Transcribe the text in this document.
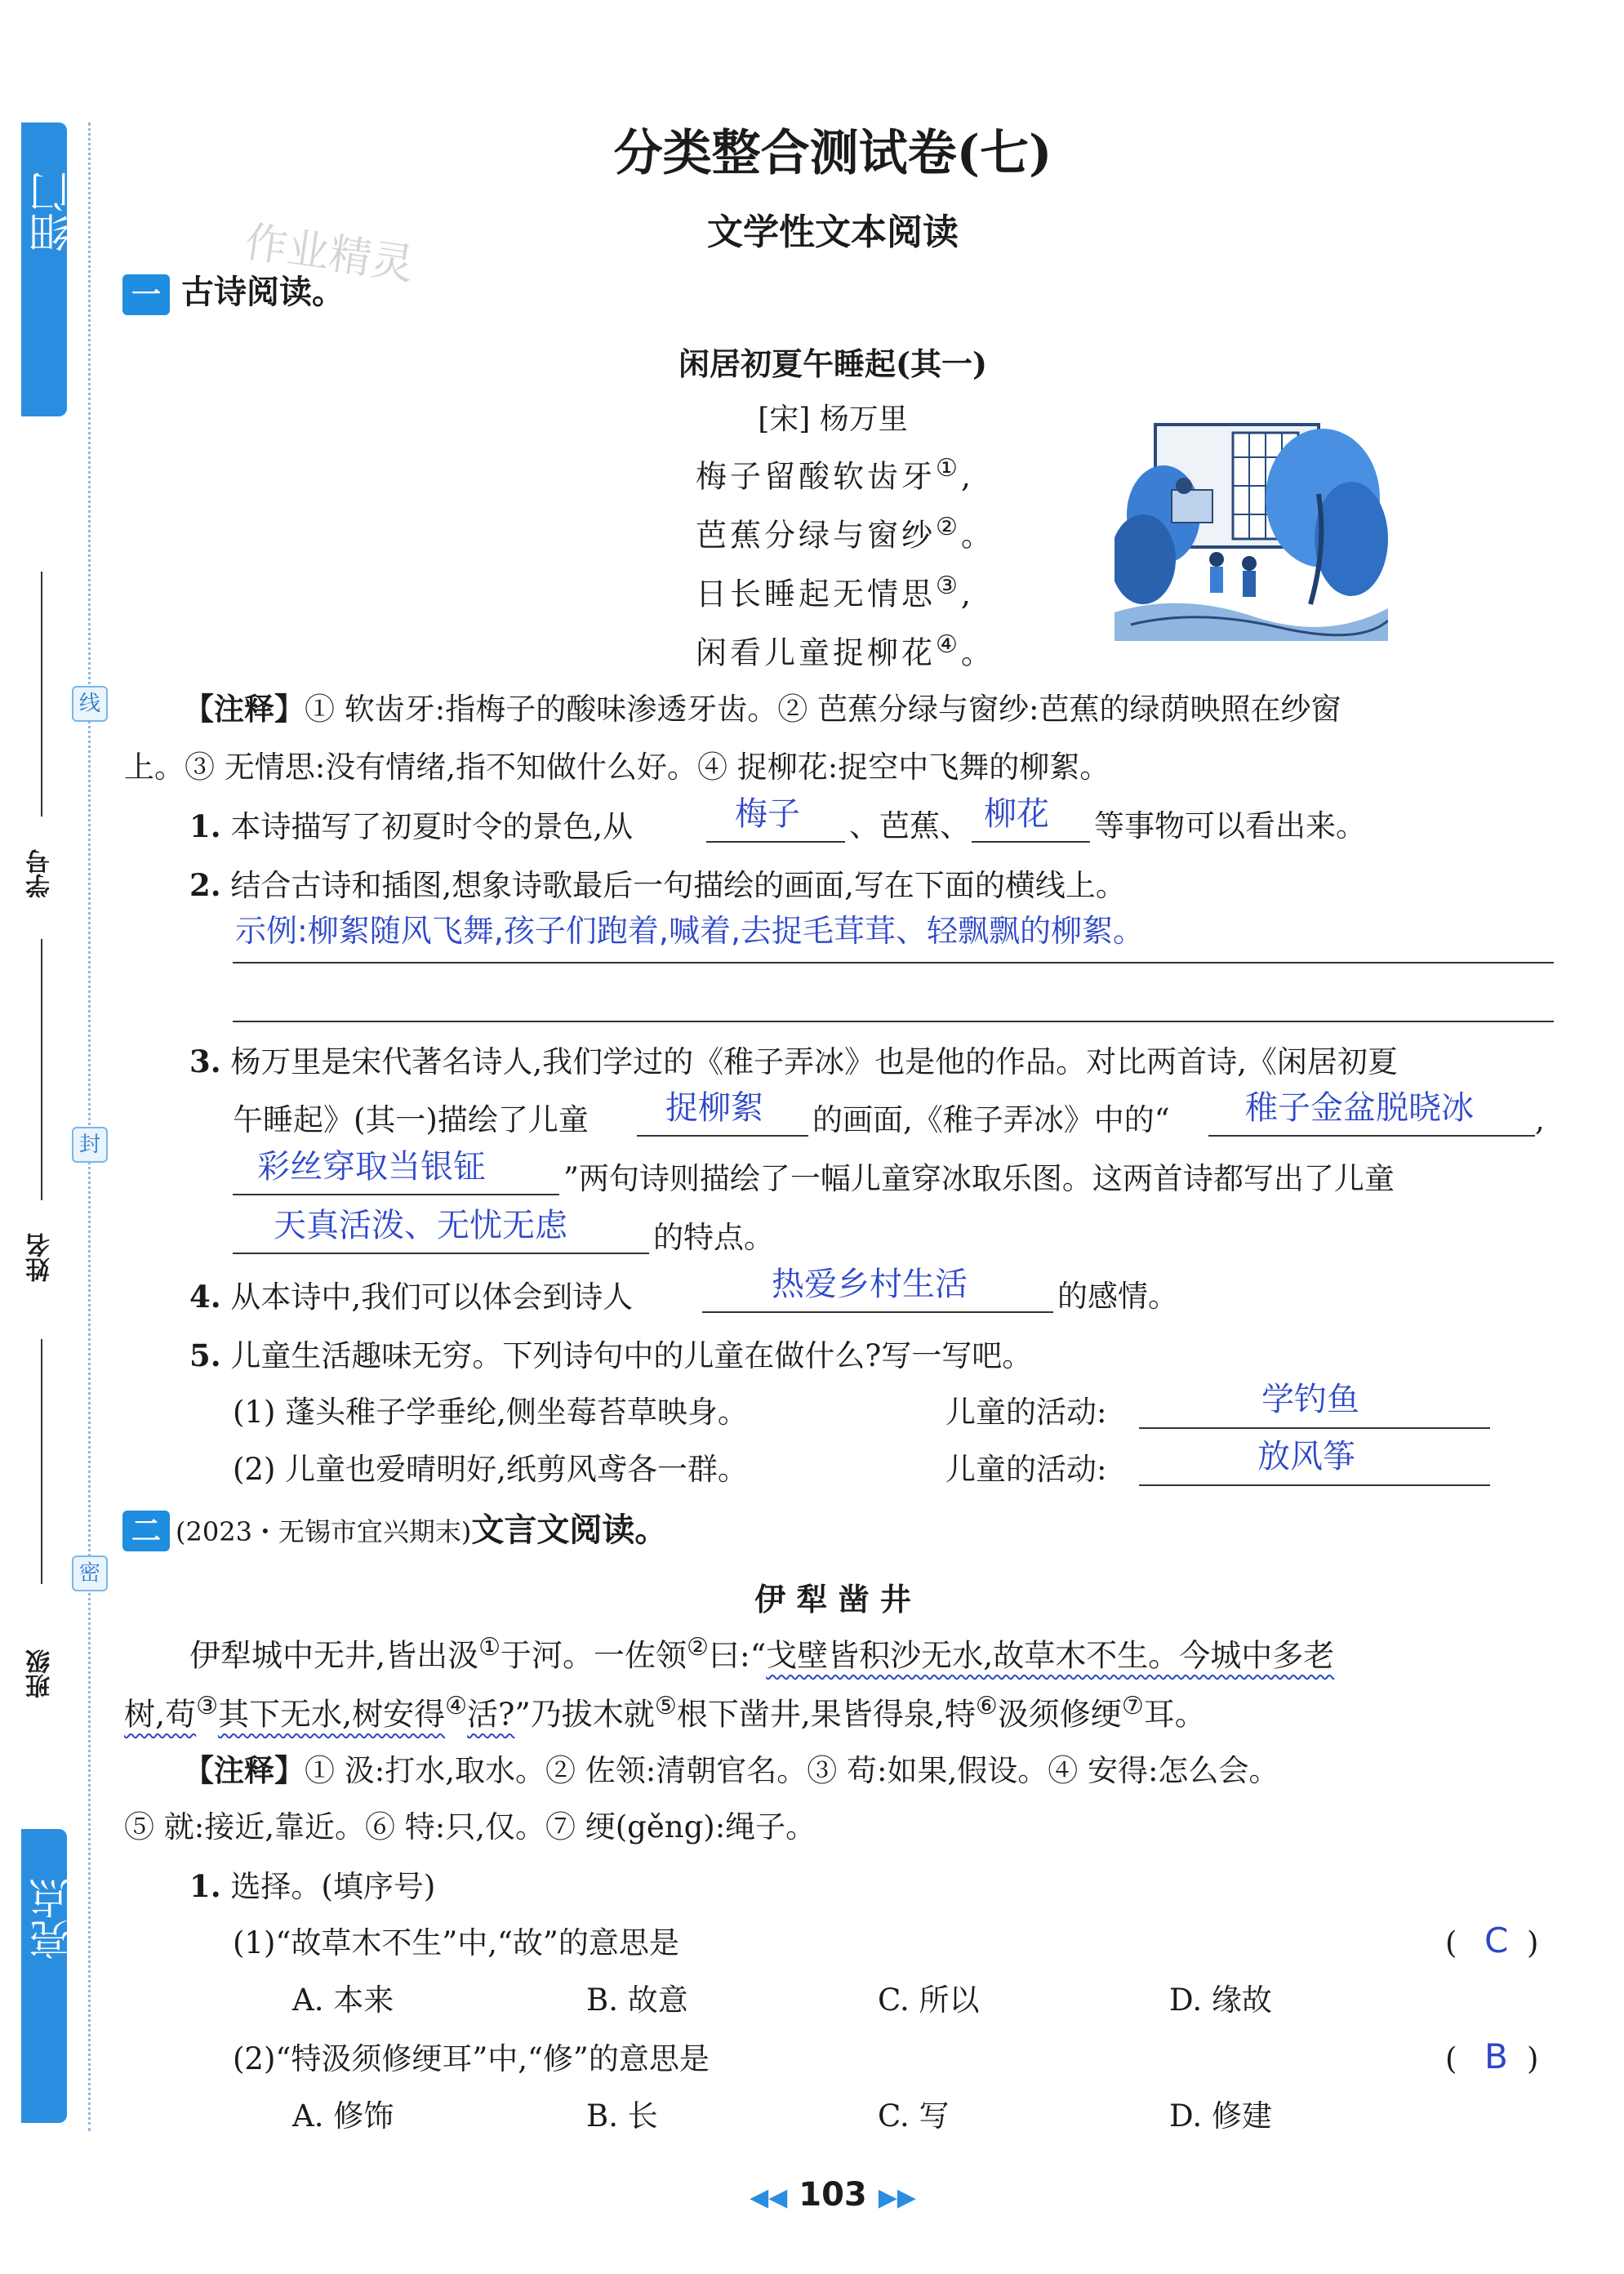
细门
亮点
线
学号
封
姓名
密
班级
分类整合测试卷(七)
文学性文本阅读
作业精灵
一 古诗阅读。
闲居初夏午睡起(其一)
[宋] 杨万里
梅子留酸软齿牙①,
芭蕉分绿与窗纱②。
日长睡起无情思③,
闲看儿童捉柳花④。
【注释】① 软齿牙:指梅子的酸味渗透牙齿。② 芭蕉分绿与窗纱:芭蕉的绿荫映照在纱窗
上。③ 无情思:没有情绪,指不知做什么好。④ 捉柳花:捉空中飞舞的柳絮。
1. 本诗描写了初夏时令的景色,从	梅子 、芭蕉、 柳花 等事物可以看出来。
2. 结合古诗和插图,想象诗歌最后一句描绘的画面,写在下面的横线上。
示例:柳絮随风飞舞,孩子们跑着,喊着,去捉毛茸茸、轻飘飘的柳絮。
3. 杨万里是宋代著名诗人,我们学过的《稚子弄冰》也是他的作品。对比两首诗,《闲居初夏
午睡起》(其一)描绘了儿童 捉柳絮 的画面,《稚子弄冰》中的“ 稚子金盆脱晓冰 ,
彩丝穿取当银钲	”两句诗则描绘了一幅儿童穿冰取乐图。这两首诗都写出了儿童
天真活泼、无忧无虑	的特点。
4. 从本诗中,我们可以体会到诗人	热爱乡村生活	的感情。
5. 儿童生活趣味无穷。下列诗句中的儿童在做什么?写一写吧。
(1) 蓬头稚子学垂纶,侧坐莓苔草映身。	儿童的活动:	学钓鱼
(2) 儿童也爱晴明好,纸剪风鸢各一群。	儿童的活动:	放风筝
二 (2023・无锡市宜兴期末)文言文阅读。
伊 犁 凿 井
伊犁城中无井,皆出汲①于河。一佐领②曰:“戈壁皆积沙无水,故草木不生。今城中多老
树,苟③其下无水,树安得④活?”乃拔木就⑤根下凿井,果皆得泉,特⑥汲须修绠⑦耳。
【注释】① 汲:打水,取水。② 佐领:清朝官名。③ 苟:如果,假设。④ 安得:怎么会。
⑤ 就:接近,靠近。⑥ 特:只,仅。⑦ 绠(gěng):绳子。
1. 选择。(填序号)
(1)“故草木不生”中,“故”的意思是	( C )
A. 本来	B. 故意	C. 所以	D. 缘故
(2)“特汲须修绠耳”中,“修”的意思是	( B )
A. 修饰	B. 长	C. 写	D. 修建
◀◀ 103 ▶▶
